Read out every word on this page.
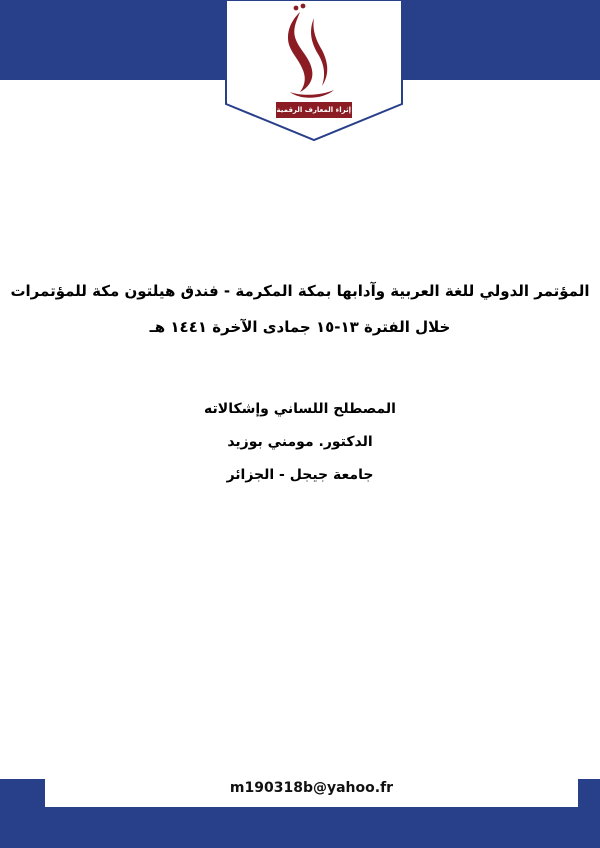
إثراء المعارف الرقمية
المؤتمر الدولي للغة العربية وآدابها بمكة المكرمة - فندق هيلتون مكة للمؤتمرات
خلال الفترة ١٣-١٥ جمادى الآخرة ١٤٤١ هـ
المصطلح اللساني وإشكالاته
الدكتور. مومني بوزيد
جامعة جيجل - الجزائر
m190318b@yahoo.fr
